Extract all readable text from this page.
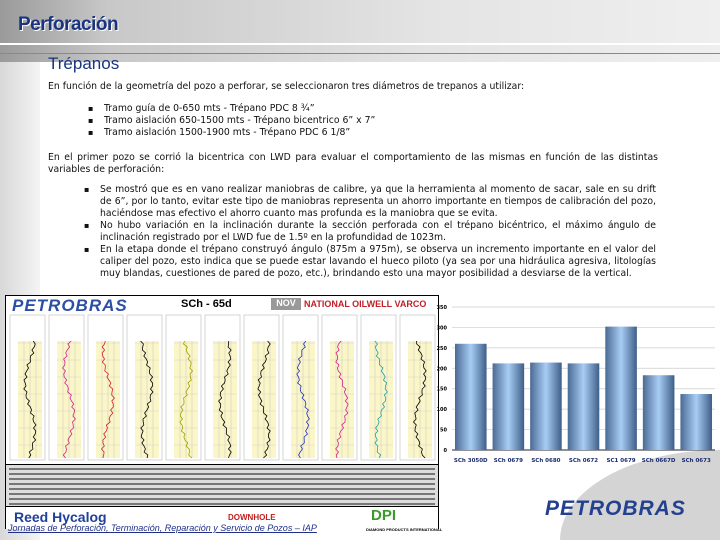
Perforación
Trépanos
En función de la geometría del pozo a perforar, se seleccionaron tres diámetros de trepanos a utilizar:
▪ Tramo guía de 0-650 mts - Trépano PDC 8 ¾”
▪ Tramo aislación 650-1500 mts - Trépano bicentrico 6” x 7”
▪ Tramo aislación 1500-1900 mts - Trépano PDC 6 1/8”
En el primer pozo se corrió la bicentrica con LWD para evaluar el comportamiento de las mismas en función de las distintas variables de perforación:
▪ Se mostró que es en vano realizar maniobras de calibre, ya que la herramienta al momento de sacar, sale en su drift de 6”, por lo tanto, evitar este tipo de maniobras representa un ahorro importante en tiempos de calibración del pozo, haciéndose mas efectivo el ahorro cuanto mas profunda es la maniobra que se evita.
▪ No hubo variación en la inclinación durante la sección perforada con el trépano bicéntrico, el máximo ángulo de inclinación registrado por el LWD fue de 1.5º en la profundidad de 1023m.
▪ En la etapa donde el trépano construyó ángulo (875m a 975m), se observa un incremento importante en el valor del caliper del pozo, esto indica que se puede estar lavando el hueco piloto (ya sea por una hidráulica agresiva, litologías muy blandas, cuestiones de pared de pozo, etc.), brindando esto una mayor posibilidad a desviarse de la vertical.
PETROBRAS	SCh - 65d	NOV NATIONAL OILWELL VARCO
Reed Hycalog	DOWNHOLE	DPI
DIAMOND PRODUCTS INTERNATIONAL
Jornadas de Perforación, Terminación, Reparación y Servicio de Pozos – IAP
0
50
100
150
200
250
300
350
SCh 3050D SCh 0679 SCh 0680 SCh 0672 SC1 0679 SCh 0667D SCh 0673
PETROBRAS
